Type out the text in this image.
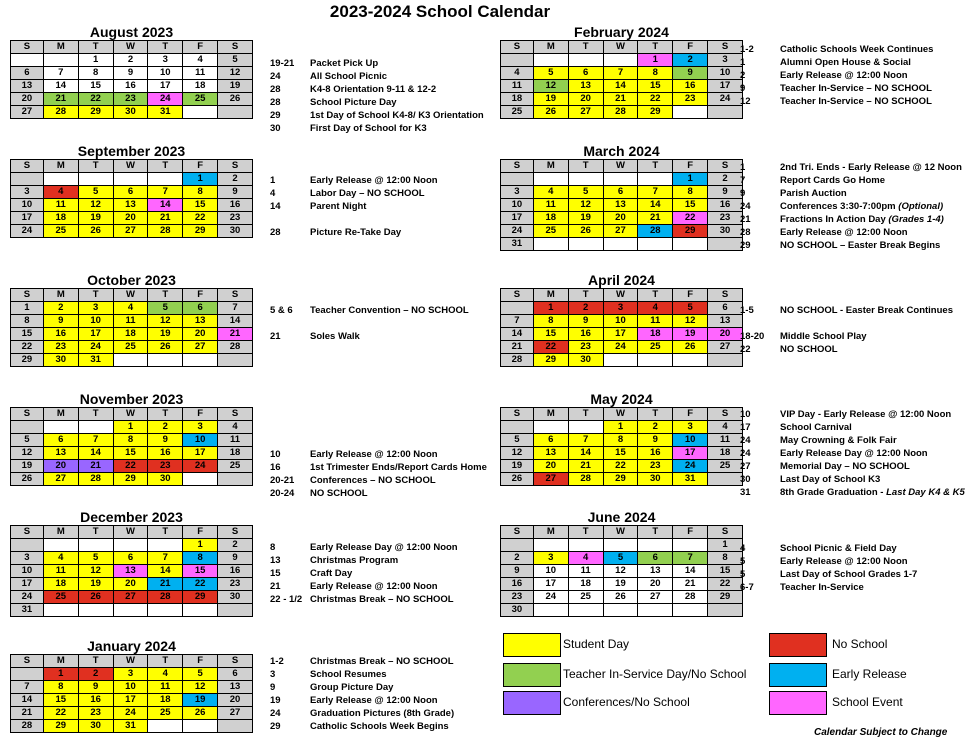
2023-2024 School Calendar
August 2023
S	M	T	W	T	F	S
		1	2	3	4	5
6	7	8	9	10	11	12
13	14	15	16	17	18	19
20	21	22	23	24	25	26
27	28	29	30	31		
September 2023
S	M	T	W	T	F	S
					1	2
3	4	5	6	7	8	9
10	11	12	13	14	15	16
17	18	19	20	21	22	23
24	25	26	27	28	29	30
October 2023
S	M	T	W	T	F	S
1	2	3	4	5	6	7
8	9	10	11	12	13	14
15	16	17	18	19	20	21
22	23	24	25	26	27	28
29	30	31				
November 2023
S	M	T	W	T	F	S
			1	2	3	4
5	6	7	8	9	10	11
12	13	14	15	16	17	18
19	20	21	22	23	24	25
26	27	28	29	30		
December 2023
S	M	T	W	T	F	S
					1	2
3	4	5	6	7	8	9
10	11	12	13	14	15	16
17	18	19	20	21	22	23
24	25	26	27	28	29	30
31						
January 2024
S	M	T	W	T	F	S
	1	2	3	4	5	6
7	8	9	10	11	12	13
14	15	16	17	18	19	20
21	22	23	24	25	26	27
28	29	30	31			
February 2024
S	M	T	W	T	F	S
				1	2	3
4	5	6	7	8	9	10
11	12	13	14	15	16	17
18	19	20	21	22	23	24
25	26	27	28	29		
March 2024
S	M	T	W	T	F	S
					1	2
3	4	5	6	7	8	9
10	11	12	13	14	15	16
17	18	19	20	21	22	23
24	25	26	27	28	29	30
31						
April 2024
S	M	T	W	T	F	S
	1	2	3	4	5	6
7	8	9	10	11	12	13
14	15	16	17	18	19	20
21	22	23	24	25	26	27
28	29	30				
May 2024
S	M	T	W	T	F	S
			1	2	3	4
5	6	7	8	9	10	11
12	13	14	15	16	17	18
19	20	21	22	23	24	25
26	27	28	29	30	31	
June 2024
S	M	T	W	T	F	S
						1
2	3	4	5	6	7	8
9	10	11	12	13	14	15
16	17	18	19	20	21	22
23	24	25	26	27	28	29
30						
19-21 Packet Pick Up
24	All School Picnic
28	K4-8 Orientation 9-11 & 12-2
28	School Picture Day
29	1st Day of School K4-8/ K3 Orientation
30	First Day of School for K3
1	Early Release @ 12:00 Noon
4	Labor Day – NO SCHOOL
14	Parent Night
28	Picture Re-Take Day
5 & 6 Teacher Convention – NO SCHOOL
21	Soles Walk
10	Early Release @ 12:00 Noon
16	1st Trimester Ends/Report Cards Home
20-21 Conferences – NO SCHOOL
20-24 NO SCHOOL
8	Early Release Day @ 12:00 Noon
13	Christmas Program
15	Craft Day
21	Early Release @ 12:00 Noon
22 - 1/2 Christmas Break – NO SCHOOL
1-2	Christmas Break – NO SCHOOL
3	School Resumes
9	Group Picture Day
19	Early Release @ 12:00 Noon
24	Graduation Pictures (8th Grade)
29	Catholic Schools Week Begins
1-2	Catholic Schools Week Continues
1	Alumni Open House & Social
2	Early Release @ 12:00 Noon
9	Teacher In-Service – NO SCHOOL
12	Teacher In-Service – NO SCHOOL
1	2nd Tri. Ends - Early Release @ 12 Noon
7	Report Cards Go Home
9	Parish Auction
24	Conferences 3:30-7:00pm (Optional)
21	Fractions In Action Day (Grades 1-4)
28	Early Release @ 12:00 Noon
29	NO SCHOOL – Easter Break Begins
1-5	NO SCHOOL - Easter Break Continues
18-20 Middle School Play
22	NO SCHOOL
10	VIP Day - Early Release @ 12:00 Noon
17	School Carnival
24	May Crowning & Folk Fair
24	Early Release Day @ 12:00 Noon
27	Memorial Day – NO SCHOOL
30	Last Day of School K3
31	8th Grade Graduation - Last Day K4 & K5
4	School Picnic & Field Day
5	Early Release @ 12:00 Noon
5	Last Day of School Grades 1-7
6-7	Teacher In-Service
Student Day	No School
Teacher In-Service Day/No School	Early Release
Conferences/No School	School Event
Calendar Subject to Change
